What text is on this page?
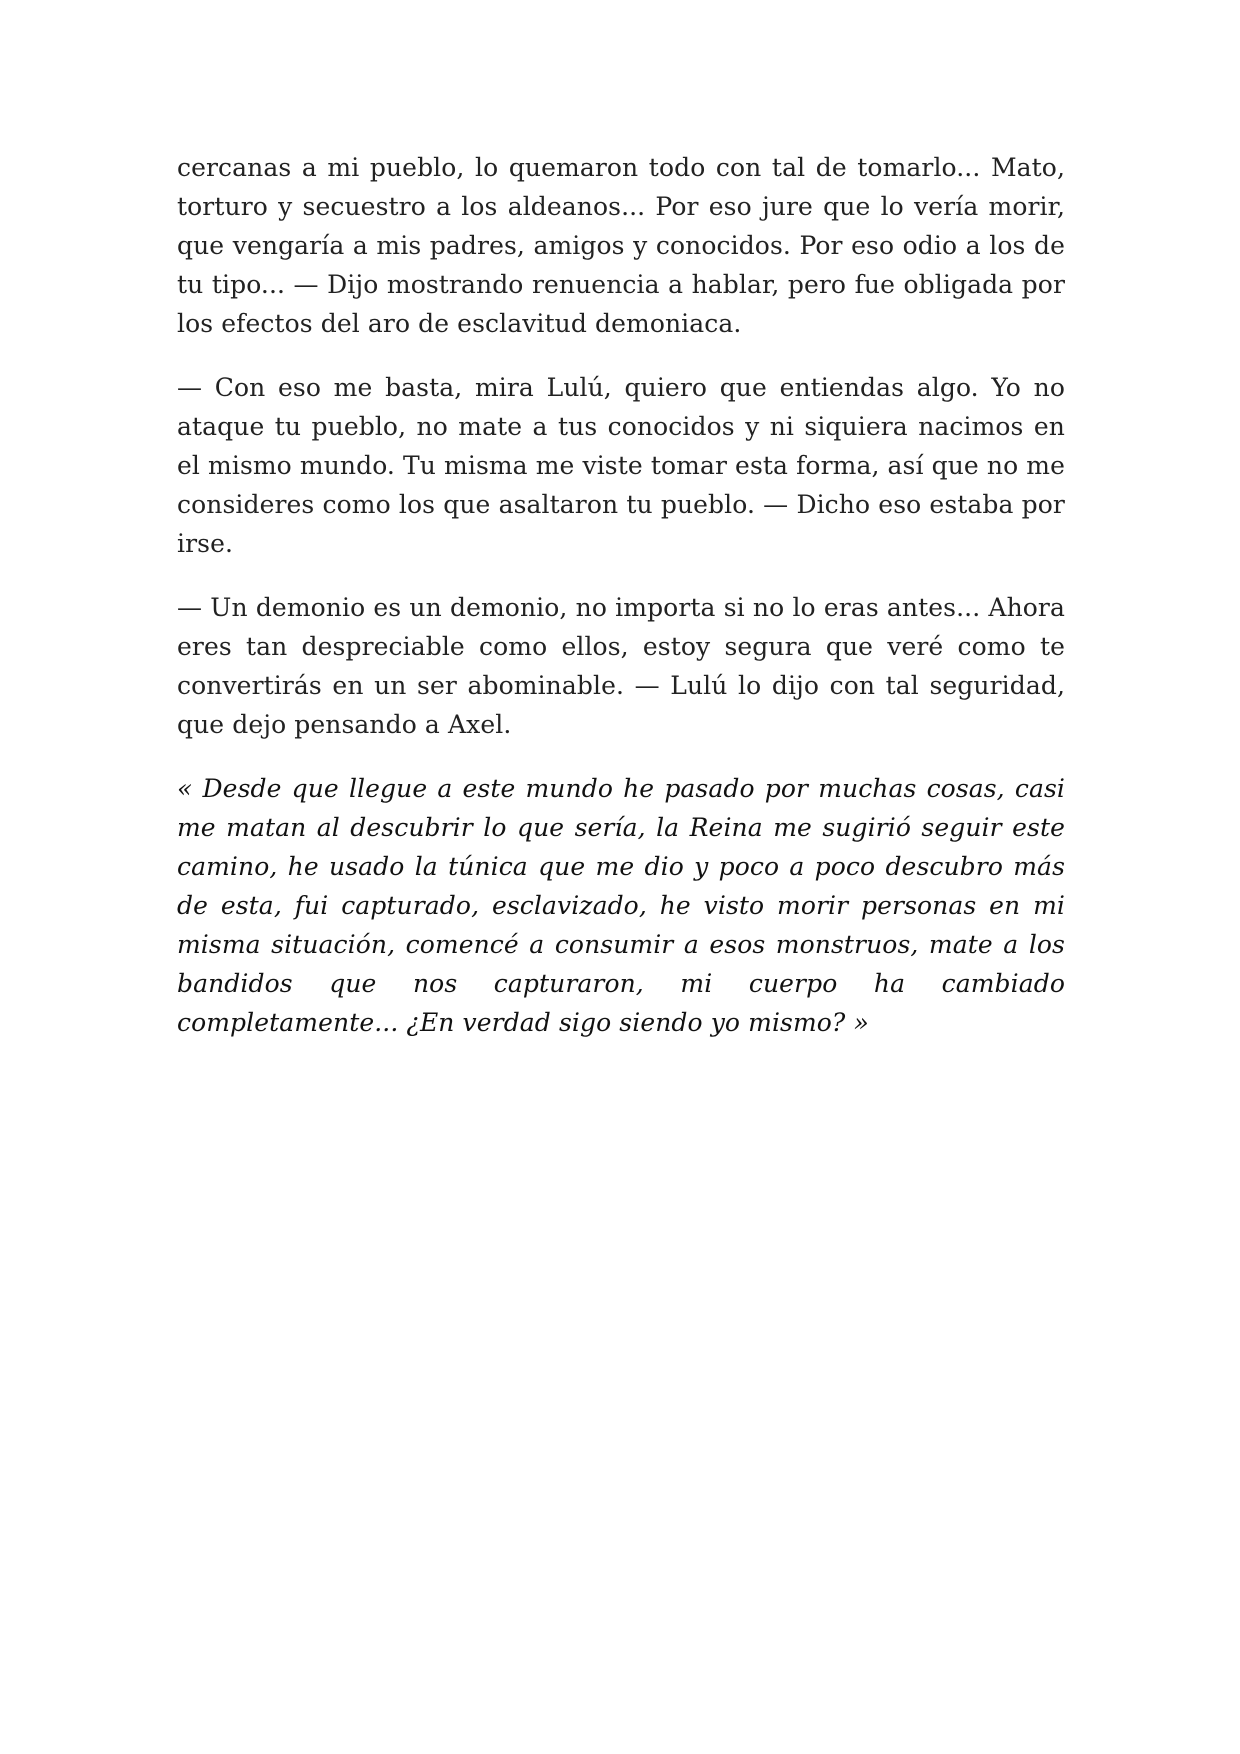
cercanas a mi pueblo, lo quemaron todo con tal de tomarlo... Mato, torturo y secuestro a los aldeanos... Por eso jure que lo vería morir, que vengaría a mis padres, amigos y conocidos. Por eso odio a los de tu tipo... — Dijo mostrando renuencia a hablar, pero fue obligada por los efectos del aro de esclavitud demoniaca.

— Con eso me basta, mira Lulú, quiero que entiendas algo. Yo no ataque tu pueblo, no mate a tus conocidos y ni siquiera nacimos en el mismo mundo. Tu misma me viste tomar esta forma, así que no me consideres como los que asaltaron tu pueblo. — Dicho eso estaba por irse.

— Un demonio es un demonio, no importa si no lo eras antes... Ahora eres tan despreciable como ellos, estoy segura que veré como te convertirás en un ser abominable. — Lulú lo dijo con tal seguridad, que dejo pensando a Axel.

« Desde que llegue a este mundo he pasado por muchas cosas, casi me matan al descubrir lo que sería, la Reina me sugirió seguir este camino, he usado la túnica que me dio y poco a poco descubro más de esta, fui capturado, esclavizado, he visto morir personas en mi misma situación, comencé a consumir a esos monstruos, mate a los bandidos que nos capturaron, mi cuerpo ha cambiado completamente... ¿En verdad sigo siendo yo mismo? »
